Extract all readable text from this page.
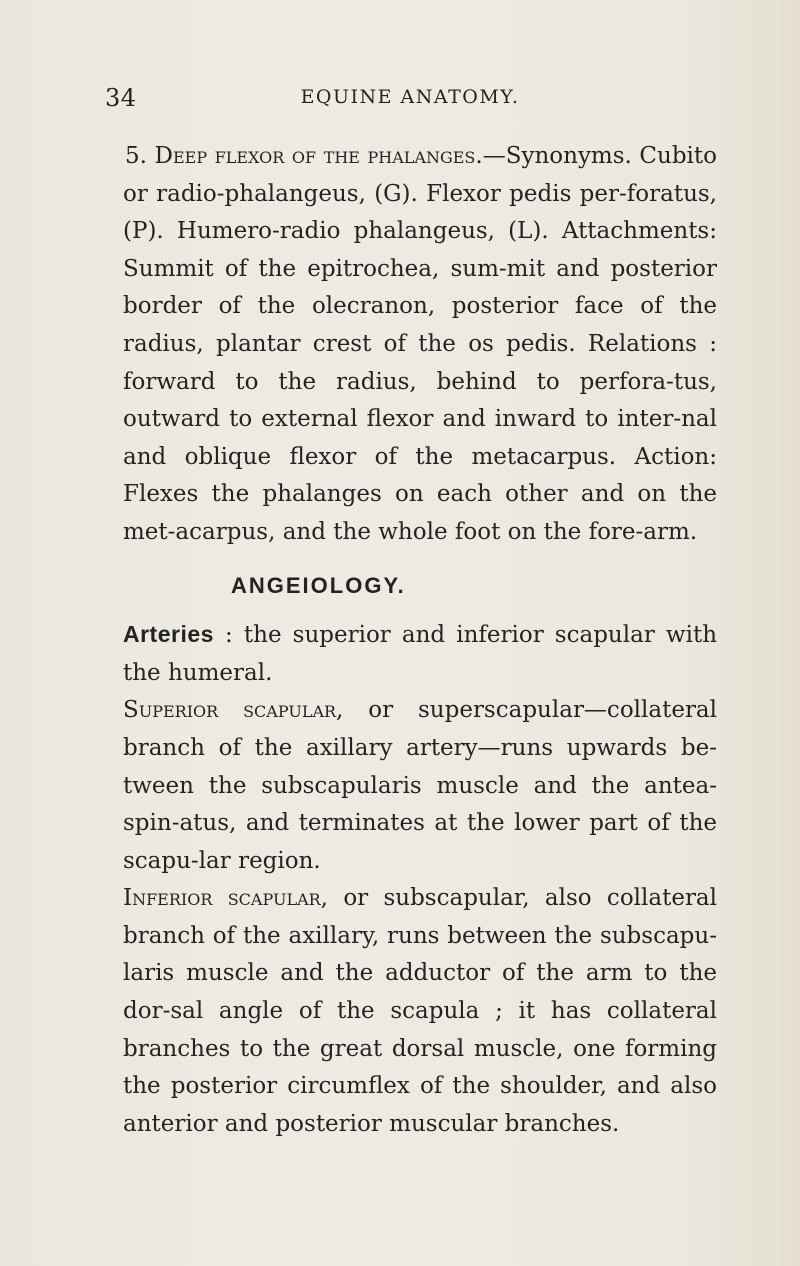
34	EQUINE ANATOMY.

5. Deep flexor of the phalanges.—Synonyms. Cubito or radio-phalangeus, (G). Flexor pedis per-foratus, (P). Humero-radio phalangeus, (L). Attachments: Summit of the epitrochea, sum-mit and posterior border of the olecranon, posterior face of the radius, plantar crest of the os pedis. Relations : forward to the radius, behind to perfora-tus, outward to external flexor and inward to inter-nal and oblique flexor of the metacarpus. Action: Flexes the phalanges on each other and on the met-acarpus, and the whole foot on the fore-arm.

ANGEIOLOGY.

Arteries : the superior and inferior scapular with the humeral.

Superior scapular, or superscapular—collateral branch of the axillary artery—runs upwards be-tween the subscapularis muscle and the antea-spin-atus, and terminates at the lower part of the scapu-lar region.

Inferior scapular, or subscapular, also collateral branch of the axillary, runs between the subscapu-laris muscle and the adductor of the arm to the dor-sal angle of the scapula ; it has collateral branches to the great dorsal muscle, one forming the posterior circumflex of the shoulder, and also anterior and posterior muscular branches.
